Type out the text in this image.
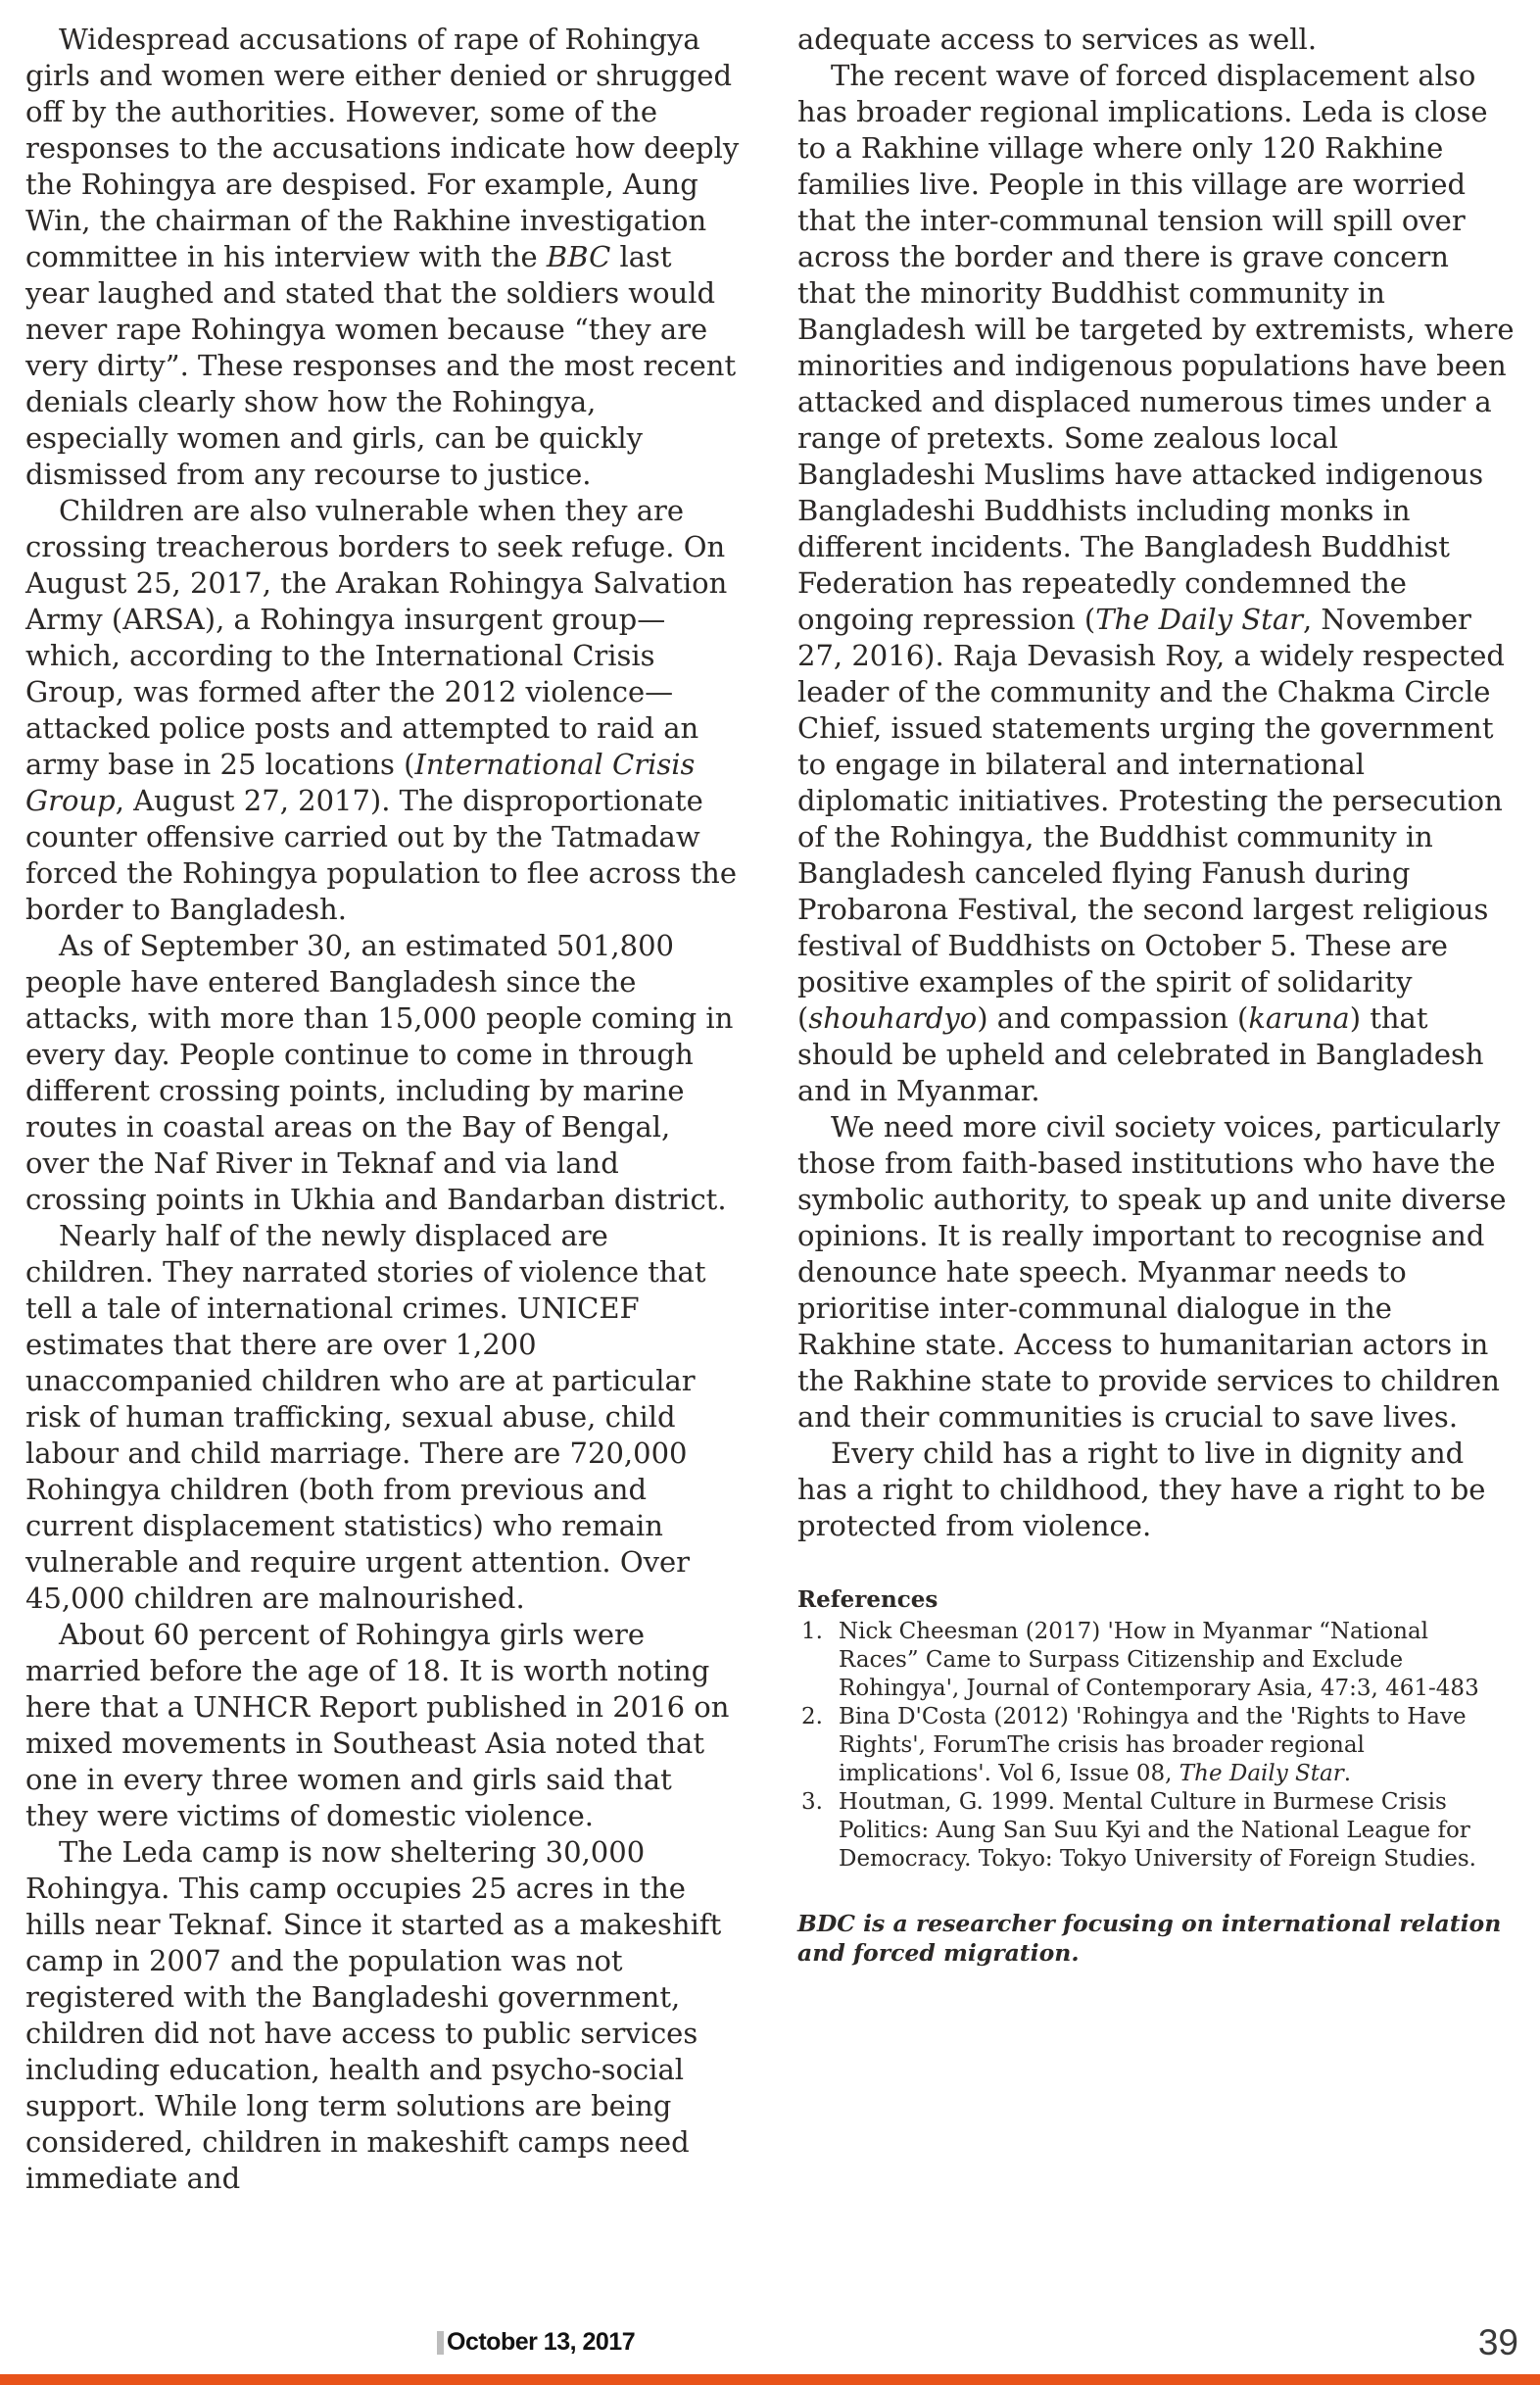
Widespread accusations of rape of Rohingya girls and women were either denied or shrugged off by the authorities. However, some of the responses to the accusations indicate how deeply the Rohingya are despised. For example, Aung Win, the chairman of the Rakhine investigation committee in his interview with the BBC last year laughed and stated that the soldiers would never rape Rohingya women because “they are very dirty”. These responses and the most recent denials clearly show how the Rohingya, especially women and girls, can be quickly dismissed from any recourse to justice.

Children are also vulnerable when they are crossing treacherous borders to seek refuge. On August 25, 2017, the Arakan Rohingya Salvation Army (ARSA), a Rohingya insurgent group—which, according to the International Crisis Group, was formed after the 2012 violence—attacked police posts and attempted to raid an army base in 25 locations (International Crisis Group, August 27, 2017). The disproportionate counter offensive carried out by the Tatmadaw forced the Rohingya population to flee across the border to Bangladesh.

As of September 30, an estimated 501,800 people have entered Bangladesh since the attacks, with more than 15,000 people coming in every day. People continue to come in through different crossing points, including by marine routes in coastal areas on the Bay of Bengal, over the Naf River in Teknaf and via land crossing points in Ukhia and Bandarban district.

Nearly half of the newly displaced are children. They narrated stories of violence that tell a tale of international crimes. UNICEF estimates that there are over 1,200 unaccompanied children who are at particular risk of human trafficking, sexual abuse, child labour and child marriage. There are 720,000 Rohingya children (both from previous and current displacement statistics) who remain vulnerable and require urgent attention. Over 45,000 children are malnourished.

About 60 percent of Rohingya girls were married before the age of 18. It is worth noting here that a UNHCR Report published in 2016 on mixed movements in Southeast Asia noted that one in every three women and girls said that they were victims of domestic violence.

The Leda camp is now sheltering 30,000 Rohingya. This camp occupies 25 acres in the hills near Teknaf. Since it started as a makeshift camp in 2007 and the population was not registered with the Bangladeshi government, children did not have access to public services including education, health and psycho-social support. While long term solutions are being considered, children in makeshift camps need immediate and

adequate access to services as well.

The recent wave of forced displacement also has broader regional implications. Leda is close to a Rakhine village where only 120 Rakhine families live. People in this village are worried that the inter-communal tension will spill over across the border and there is grave concern that the minority Buddhist community in Bangladesh will be targeted by extremists, where minorities and indigenous populations have been attacked and displaced numerous times under a range of pretexts. Some zealous local Bangladeshi Muslims have attacked indigenous Bangladeshi Buddhists including monks in different incidents. The Bangladesh Buddhist Federation has repeatedly condemned the ongoing repression (The Daily Star, November 27, 2016). Raja Devasish Roy, a widely respected leader of the community and the Chakma Circle Chief, issued statements urging the government to engage in bilateral and international diplomatic initiatives. Protesting the persecution of the Rohingya, the Buddhist community in Bangladesh canceled flying Fanush during Probarona Festival, the second largest religious festival of Buddhists on October 5. These are positive examples of the spirit of solidarity (shouhardyo) and compassion (karuna) that should be upheld and celebrated in Bangladesh and in Myanmar.

We need more civil society voices, particularly those from faith-based institutions who have the symbolic authority, to speak up and unite diverse opinions. It is really important to recognise and denounce hate speech. Myanmar needs to prioritise inter-communal dialogue in the Rakhine state. Access to humanitarian actors in the Rakhine state to provide services to children and their communities is crucial to save lives.

Every child has a right to live in dignity and has a right to childhood, they have a right to be protected from violence.

References
1. Nick Cheesman (2017) 'How in Myanmar “National Races” Came to Surpass Citizenship and Exclude Rohingya', Journal of Contemporary Asia, 47:3, 461-483
2. Bina D'Costa (2012) 'Rohingya and the 'Rights to Have Rights', ForumThe crisis has broader regional implications'. Vol 6, Issue 08, The Daily Star.
3. Houtman, G. 1999. Mental Culture in Burmese Crisis Politics: Aung San Suu Kyi and the National League for Democracy. Tokyo: Tokyo University of Foreign Studies.
BDC is a researcher focusing on international relation and forced migration.
October 13, 2017	39
